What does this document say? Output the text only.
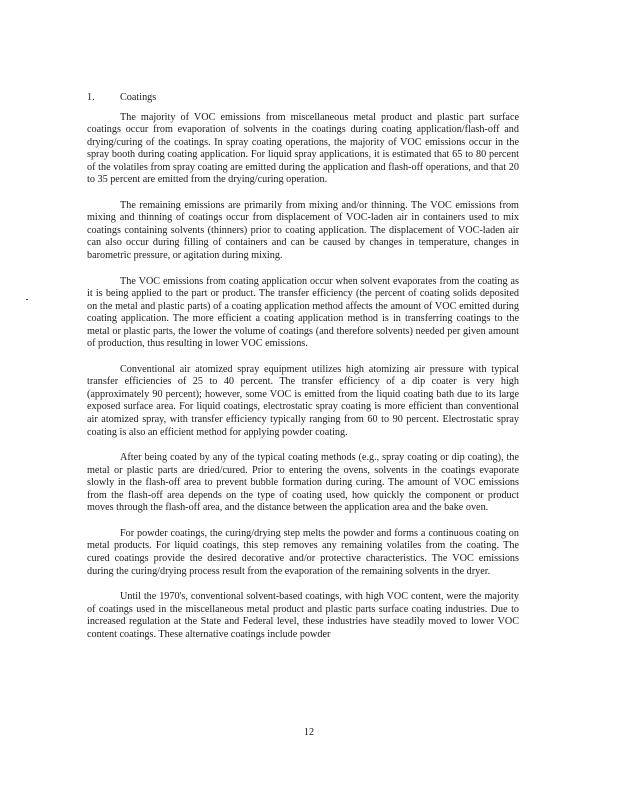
1. Coatings

The majority of VOC emissions from miscellaneous metal product and plastic part surface coatings occur from evaporation of solvents in the coatings during coating application/flash-off and drying/curing of the coatings. In spray coating operations, the majority of VOC emissions occur in the spray booth during coating application. For liquid spray applications, it is estimated that 65 to 80 percent of the volatiles from spray coating are emitted during the application and flash-off operations, and that 20 to 35 percent are emitted from the drying/curing operation.

The remaining emissions are primarily from mixing and/or thinning. The VOC emissions from mixing and thinning of coatings occur from displacement of VOC-laden air in containers used to mix coatings containing solvents (thinners) prior to coating application. The displacement of VOC-laden air can also occur during filling of containers and can be caused by changes in temperature, changes in barometric pressure, or agitation during mixing.

The VOC emissions from coating application occur when solvent evaporates from the coating as it is being applied to the part or product. The transfer efficiency (the percent of coating solids deposited on the metal and plastic parts) of a coating application method affects the amount of VOC emitted during coating application. The more efficient a coating application method is in transferring coatings to the metal or plastic parts, the lower the volume of coatings (and therefore solvents) needed per given amount of production, thus resulting in lower VOC emissions.

Conventional air atomized spray equipment utilizes high atomizing air pressure with typical transfer efficiencies of 25 to 40 percent. The transfer efficiency of a dip coater is very high (approximately 90 percent); however, some VOC is emitted from the liquid coating bath due to its large exposed surface area. For liquid coatings, electrostatic spray coating is more efficient than conventional air atomized spray, with transfer efficiency typically ranging from 60 to 90 percent. Electrostatic spray coating is also an efficient method for applying powder coating.

After being coated by any of the typical coating methods (e.g., spray coating or dip coating), the metal or plastic parts are dried/cured. Prior to entering the ovens, solvents in the coatings evaporate slowly in the flash-off area to prevent bubble formation during curing. The amount of VOC emissions from the flash-off area depends on the type of coating used, how quickly the component or product moves through the flash-off area, and the distance between the application area and the bake oven.

For powder coatings, the curing/drying step melts the powder and forms a continuous coating on metal products. For liquid coatings, this step removes any remaining volatiles from the coating. The cured coatings provide the desired decorative and/or protective characteristics. The VOC emissions during the curing/drying process result from the evaporation of the remaining solvents in the dryer.

Until the 1970's, conventional solvent-based coatings, with high VOC content, were the majority of coatings used in the miscellaneous metal product and plastic parts surface coating industries. Due to increased regulation at the State and Federal level, these industries have steadily moved to lower VOC content coatings. These alternative coatings include powder

12
